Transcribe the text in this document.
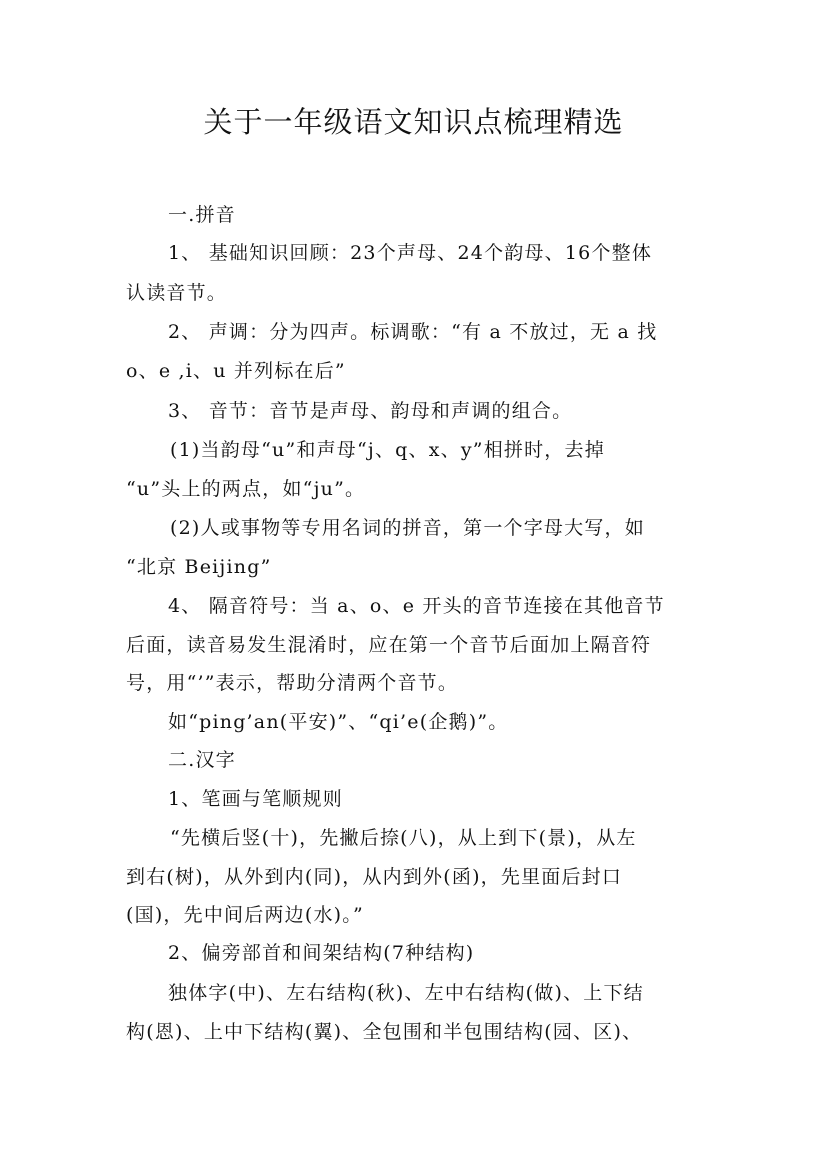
关于一年级语文知识点梳理精选
一.拼音
1、 基础知识回顾：23个声母、24个韵母、16个整体
认读音节。
2、 声调：分为四声。标调歌：“有 a 不放过，无 a 找
o、e ,i、u 并列标在后”
3、 音节：音节是声母、韵母和声调的组合。
(1)当韵母“u”和声母“j、q、x、y”相拼时，去掉
“u”头上的两点，如“ju”。
(2)人或事物等专用名词的拼音，第一个字母大写，如
“北京 Beijing”
4、 隔音符号：当 a、o、e 开头的音节连接在其他音节
后面，读音易发生混淆时，应在第一个音节后面加上隔音符
号，用“’”表示，帮助分清两个音节。
如“ping’an(平安)”、“qi’e(企鹅)”。
二.汉字
1、笔画与笔顺规则
“先横后竖(十)，先撇后捺(八)，从上到下(景)，从左
到右(树)，从外到内(同)，从内到外(函)，先里面后封口
(国)，先中间后两边(水)。”
2、偏旁部首和间架结构(7种结构)
独体字(中)、左右结构(秋)、左中右结构(做)、上下结
构(恩)、上中下结构(翼)、全包围和半包围结构(园、区)、
